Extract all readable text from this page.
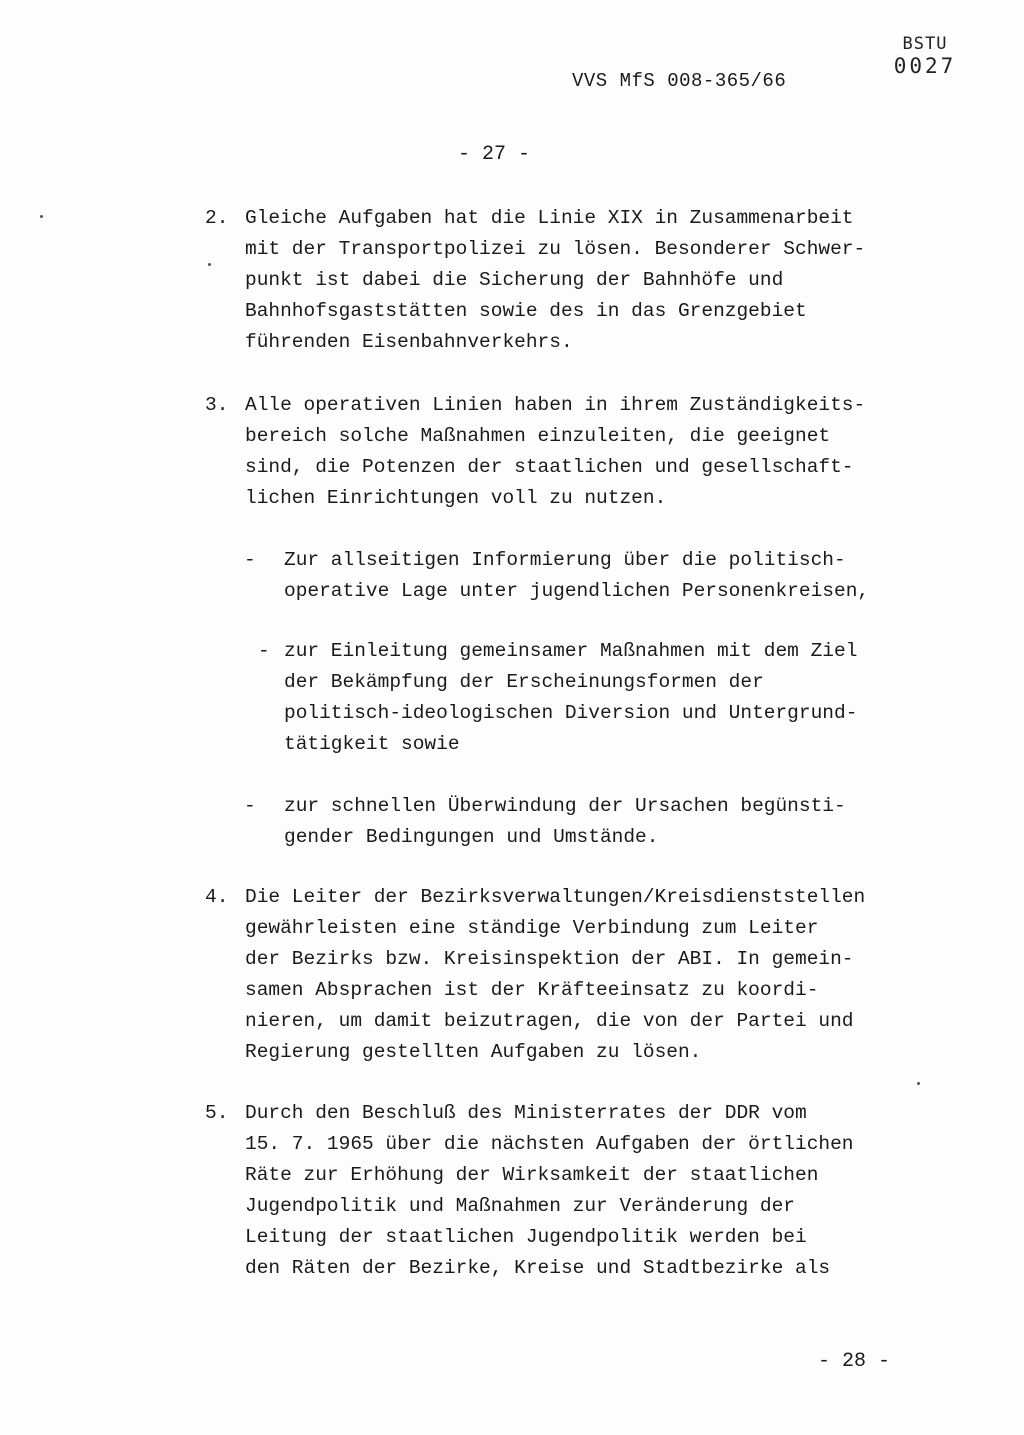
BSTU
0027
VVS MfS 008-365/66
- 27 -
2. Gleiche Aufgaben hat die Linie XIX in Zusammenarbeit
mit der Transportpolizei zu lösen. Besonderer Schwer-
punkt ist dabei die Sicherung der Bahnhöfe und
Bahnhofsgaststätten sowie des in das Grenzgebiet
führenden Eisenbahnverkehrs.
3. Alle operativen Linien haben in ihrem Zuständigkeits-
bereich solche Maßnahmen einzuleiten, die geeignet
sind, die Potenzen der staatlichen und gesellschaft-
lichen Einrichtungen voll zu nutzen.
-	Zur allseitigen Informierung über die politisch-
operative Lage unter jugendlichen Personenkreisen,
- zur Einleitung gemeinsamer Maßnahmen mit dem Ziel
der Bekämpfung der Erscheinungsformen der
politisch-ideologischen Diversion und Untergrund-
tätigkeit sowie
-	zur schnellen Überwindung der Ursachen begünsti-
gender Bedingungen und Umstände.
4. Die Leiter der Bezirksverwaltungen/Kreisdienststellen
gewährleisten eine ständige Verbindung zum Leiter
der Bezirks bzw. Kreisinspektion der ABI. In gemein-
samen Absprachen ist der Kräfteeinsatz zu koordi-
nieren, um damit beizutragen, die von der Partei und
Regierung gestellten Aufgaben zu lösen.
5. Durch den Beschluß des Ministerrates der DDR vom
15. 7. 1965 über die nächsten Aufgaben der örtlichen
Räte zur Erhöhung der Wirksamkeit der staatlichen
Jugendpolitik und Maßnahmen zur Veränderung der
Leitung der staatlichen Jugendpolitik werden bei
den Räten der Bezirke, Kreise und Stadtbezirke als
- 28 -
